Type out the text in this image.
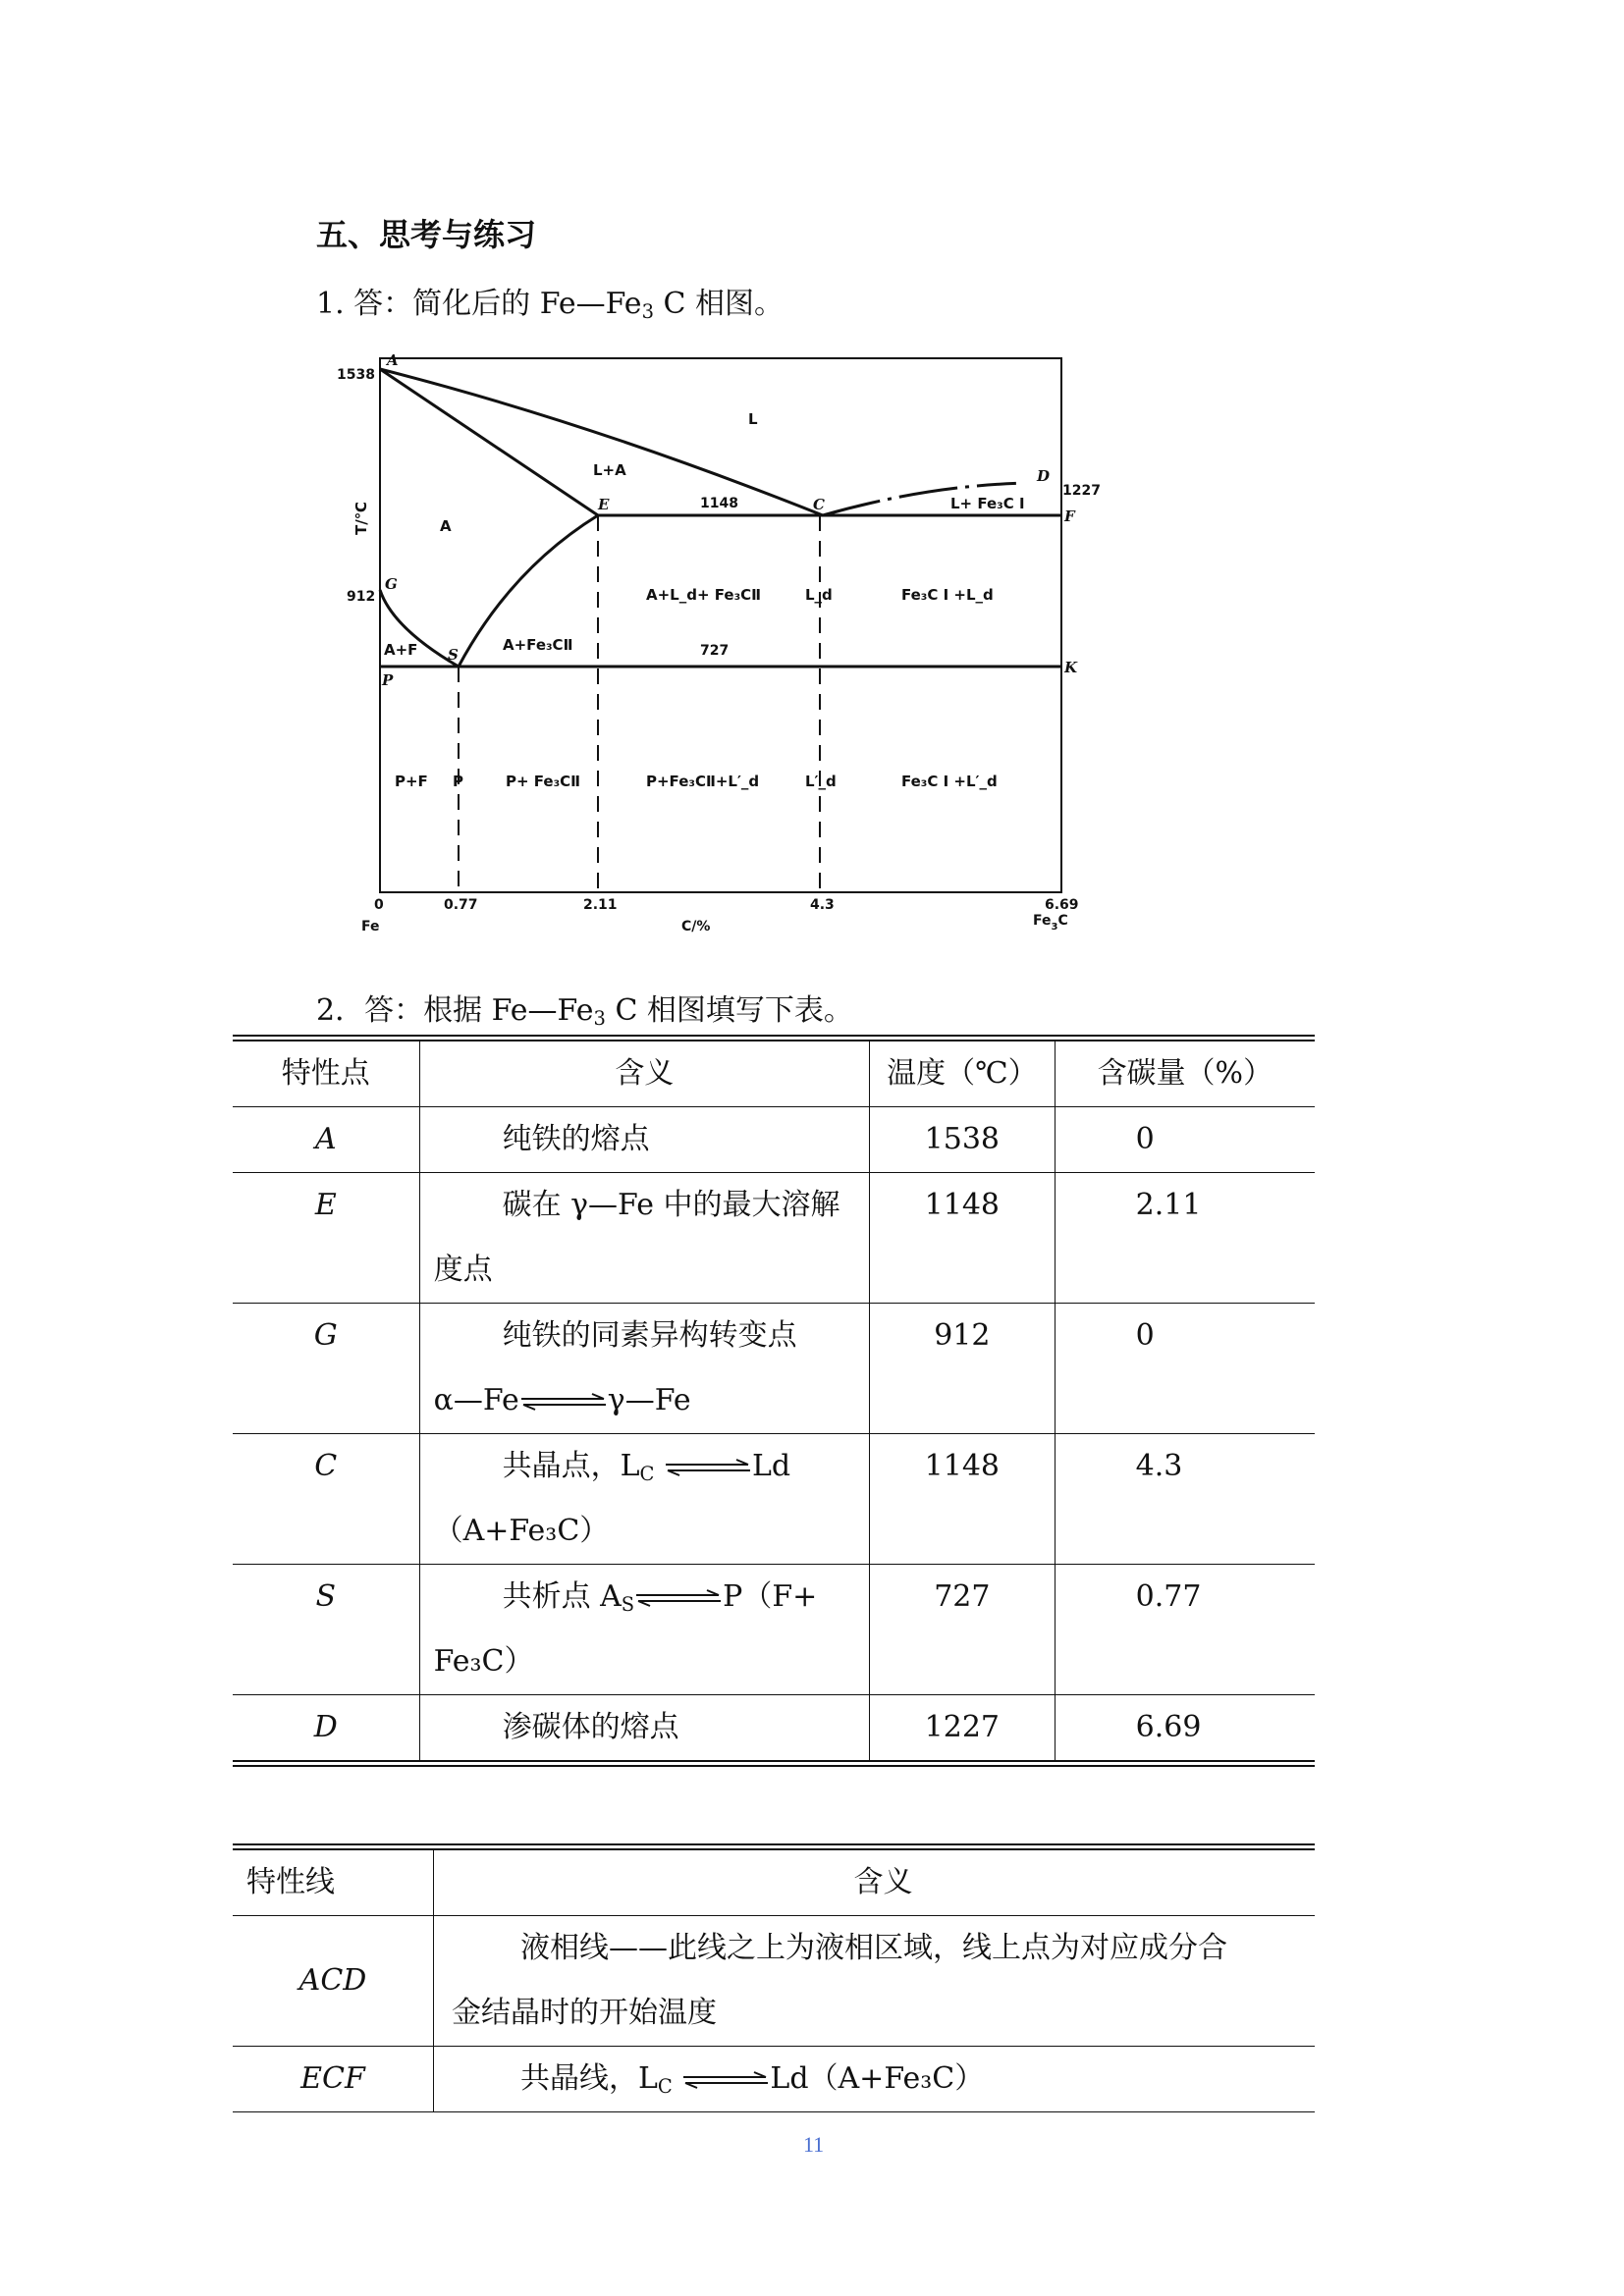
五、思考与练习
1. 答：简化后的 $Fe—Fe_3$ C 相图。
T/℃
C/%
1538
912
1227
0	0.77	2.11	4.3	6.69
Fe	$Fe_3C$
1148
727
A
C
D
E
F
G
K
P
S
L
L+A
A
A+F
L+ Fe₃C Ⅰ
A+L_d+ Fe₃CⅡ	L_d	Fe₃C Ⅰ +L_d
A+Fe₃CⅡ
P+F P	P+ Fe₃CⅡ	P+Fe₃CⅡ+L′_d	L′_d	Fe₃C Ⅰ +L′_d
2．答：根据 $Fe—Fe_3$ C 相图填写下表。
特性点	含义	温度（℃）	含碳量（%）
A	纯铁的熔点	1538	0
E	碳在 γ—Fe 中的最大溶解
度点	1148	2.11
G	纯铁的同素异构转变点
α—Fe⇌γ—Fe	912	0
C	共晶点，$L_C$ ⇌Ld
（A+Fe₃C）	1148	4.3
S	共析点 $A_S\rightleftharpoons P(F+$
Fe₃C）	727	0.77
D	渗碳体的熔点	1227	6.69
特性线	含义
ACD	液相线——此线之上为液相区域，线上点为对应成分合
金结晶时的开始温度
ECF	共晶线，$L_C$ ⇌Ld（A+Fe₃C）
11
